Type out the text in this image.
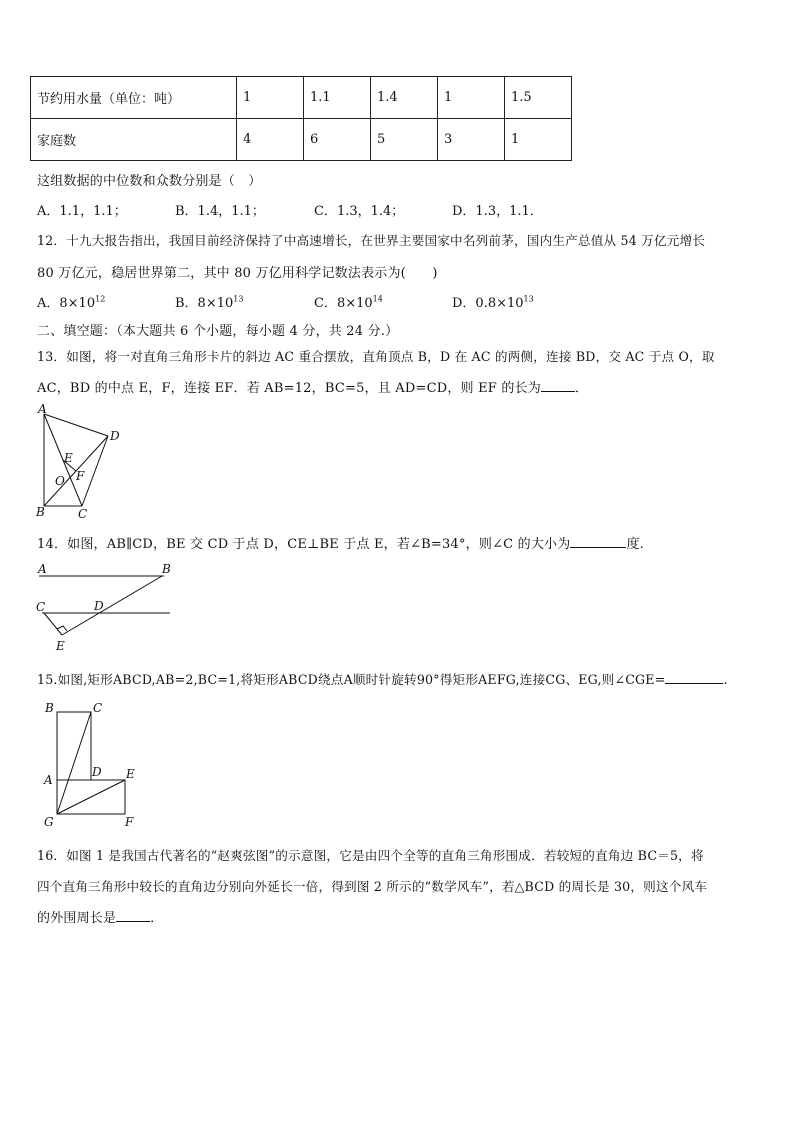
节约用水量（单位：吨）	1	1.1	1.4	1	1.5
家庭数	4	6	5	3	1
这组数据的中位数和众数分别是（　）
A．1.1，1.1；	B．1.4，1.1；	C．1.3，1.4；	D．1.3，1.1．
12．十九大报告指出，我国目前经济保持了中高速增长，在世界主要国家中名列前茅，国内生产总值从 54 万亿元增长
80 万亿元，稳居世界第二，其中 80 万亿用科学记数法表示为(　　)
A．$8\times 10^{12}$	B．$8\times 10^{13}$	C．$8\times 10^{14}$	D．$0.8\times 10^{13}$
二、填空题：（本大题共 6 个小题，每小题 4 分，共 24 分.）
13．如图，将一对直角三角形卡片的斜边 AC 重合摆放，直角顶点 B，D 在 AC 的两侧，连接 BD，交 AC 于点 O，取
AC，BD 的中点 E，F，连接 EF．若 AB=12，BC=5，且 AD=CD，则 EF 的长为	．
A
D
E
F
O
B	C
14．如图，AB∥CD，BE 交 CD 于点 D，CE⊥BE 于点 E，若∠B=34°，则∠C 的大小为	度.
A	B
C	D
E
15.如图,矩形ABCD,AB=2,BC=1,将矩形ABCD绕点A顺时针旋转90°得矩形AEFG,连接CG、EG,则∠CGE=	.
B	C
A
D E
G	F
16．如图 1 是我国古代著名的“赵爽弦图”的示意图，它是由四个全等的直角三角形围成．若较短的直角边 BC＝5，将
四个直角三角形中较长的直角边分别向外延长一倍，得到图 2 所示的“数学风车”，若△BCD 的周长是 30，则这个风车
的外围周长是	．
